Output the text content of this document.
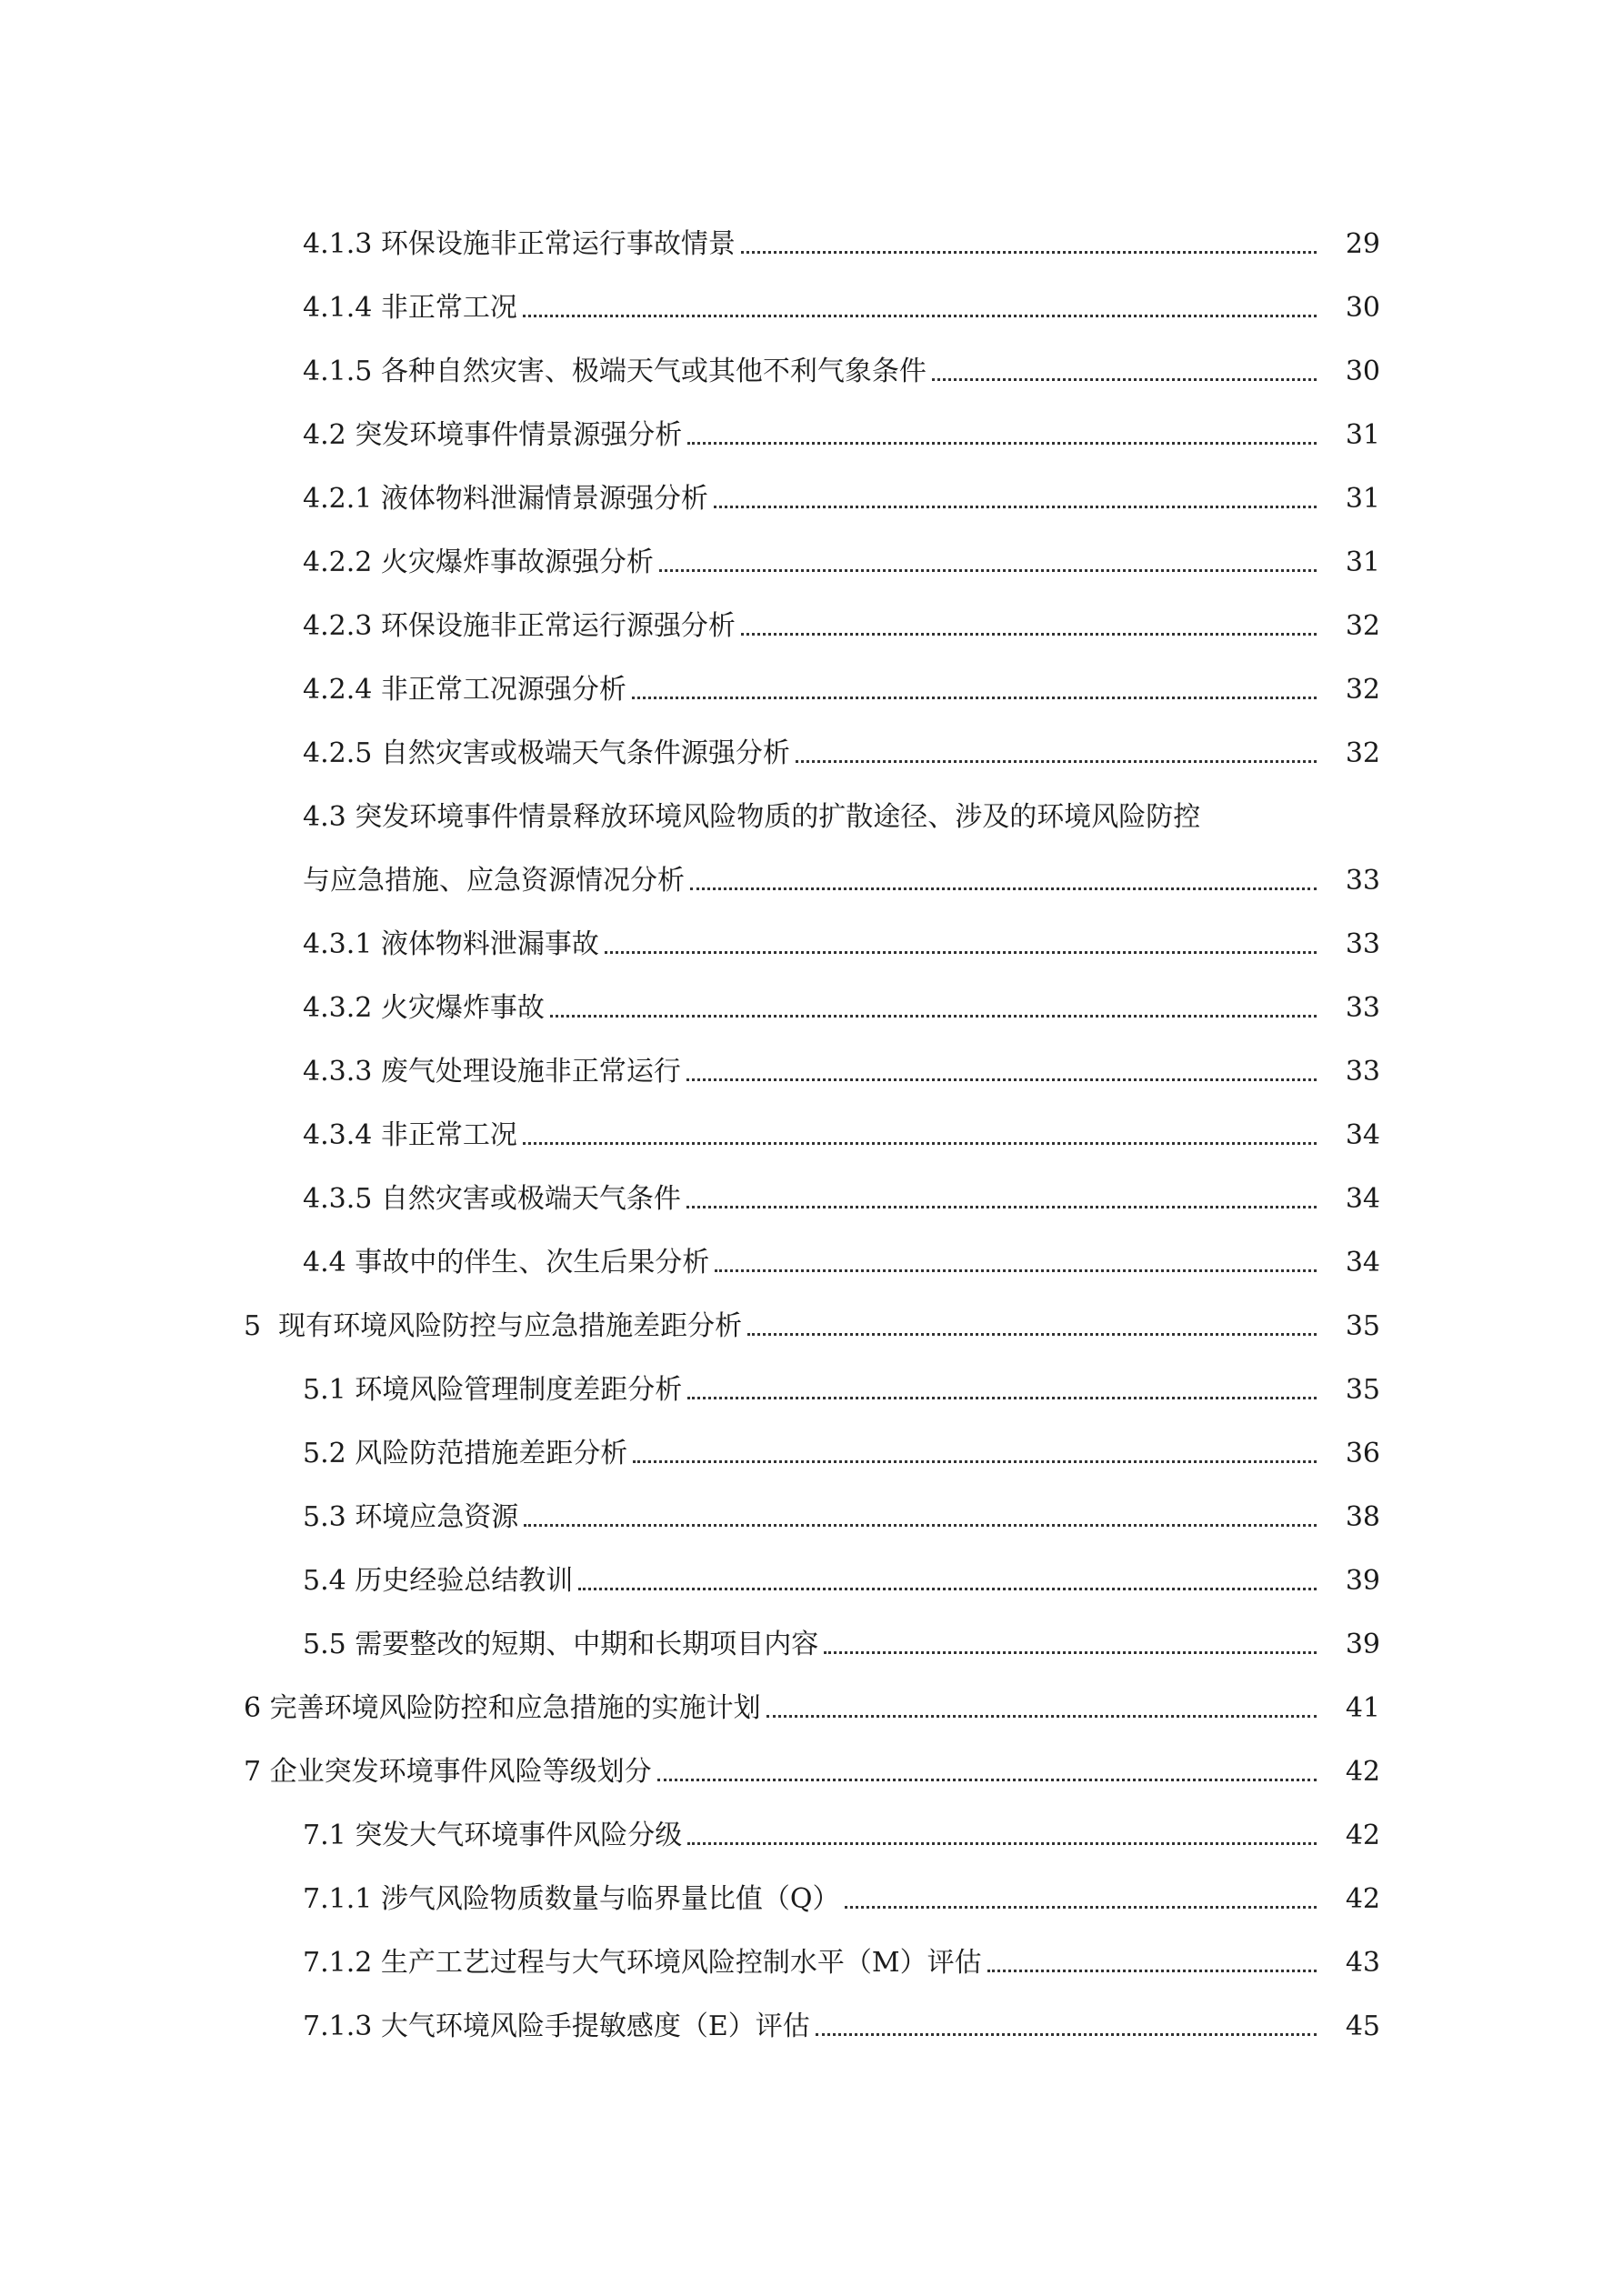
4.1.3 环保设施非正常运行事故情景	29
4.1.4 非正常工况	30
4.1.5 各种自然灾害、极端天气或其他不利气象条件	30
4.2 突发环境事件情景源强分析	31
4.2.1 液体物料泄漏情景源强分析	31
4.2.2 火灾爆炸事故源强分析	31
4.2.3 环保设施非正常运行源强分析	32
4.2.4 非正常工况源强分析	32
4.2.5 自然灾害或极端天气条件源强分析	32
4.3 突发环境事件情景释放环境风险物质的扩散途径、涉及的环境风险防控
与应急措施、应急资源情况分析	33
4.3.1 液体物料泄漏事故	33
4.3.2 火灾爆炸事故	33
4.3.3 废气处理设施非正常运行	33
4.3.4 非正常工况	34
4.3.5 自然灾害或极端天气条件	34
4.4 事故中的伴生、次生后果分析	34
5  现有环境风险防控与应急措施差距分析	35
5.1 环境风险管理制度差距分析	35
5.2 风险防范措施差距分析	36
5.3 环境应急资源	38
5.4 历史经验总结教训	39
5.5 需要整改的短期、中期和长期项目内容	39
6 完善环境风险防控和应急措施的实施计划	41
7 企业突发环境事件风险等级划分	42
7.1 突发大气环境事件风险分级	42
7.1.1 涉气风险物质数量与临界量比值（Q）	42
7.1.2 生产工艺过程与大气环境风险控制水平（M）评估	43
7.1.3 大气环境风险手提敏感度（E）评估	45
